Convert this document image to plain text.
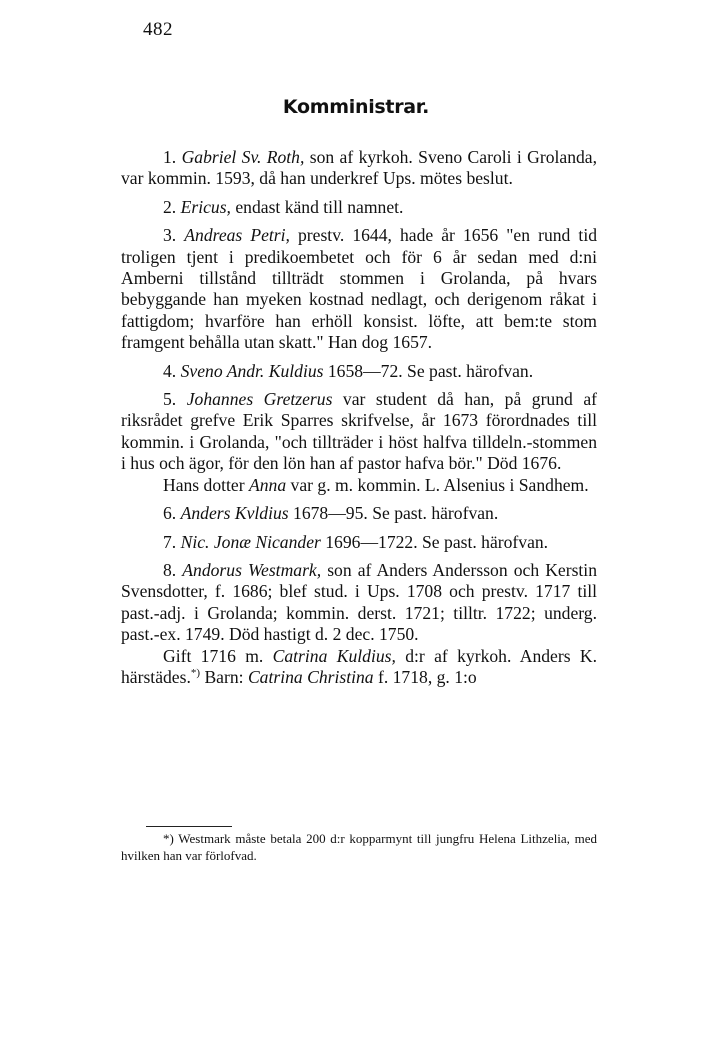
482
Komministrar.

1. Gabriel Sv. Roth, son af kyrkoh. Sveno Caroli i Grolanda, var kommin. 1593, då han underkref Ups. mötes beslut.

2. Ericus, endast känd till namnet.

3. Andreas Petri, prestv. 1644, hade år 1656 "en rund tid troligen tjent i predikoembetet och för 6 år sedan med d:ni Amberni tillstånd tillträdt stommen i Grolanda, på hvars bebyggande han myeken kostnad nedlagt, och derigenom råkat i fattigdom; hvarföre han erhöll konsist. löfte, att bem:te stom framgent behålla utan skatt." Han dog 1657.

4. Sveno Andr. Kuldius 1658—72. Se past. härofvan.

5. Johannes Gretzerus var student då han, på grund af riksrådet grefve Erik Sparres skrifvelse, år 1673 förordnades till kommin. i Grolanda, "och tillträder i höst halfva tilldeln.-stommen i hus och ägor, för den lön han af pastor hafva bör." Död 1676.

Hans dotter Anna var g. m. kommin. L. Alsenius i Sandhem.

6. Anders Kvldius 1678—95. Se past. härofvan.

7. Nic. Jonæ Nicander 1696—1722. Se past. härofvan.

8. Andorus Westmark, son af Anders Andersson och Kerstin Svensdotter, f. 1686; blef stud. i Ups. 1708 och prestv. 1717 till past.-adj. i Grolanda; kommin. derst. 1721; tilltr. 1722; underg. past.-ex. 1749. Död hastigt d. 2 dec. 1750.

Gift 1716 m. Catrina Kuldius, d:r af kyrkoh. Anders K. härstädes.*) Barn: Catrina Christina f. 1718, g. 1:o

*) Westmark måste betala 200 d:r kopparmynt till jungfru Helena Lithzelia, med hvilken han var förlofvad.
